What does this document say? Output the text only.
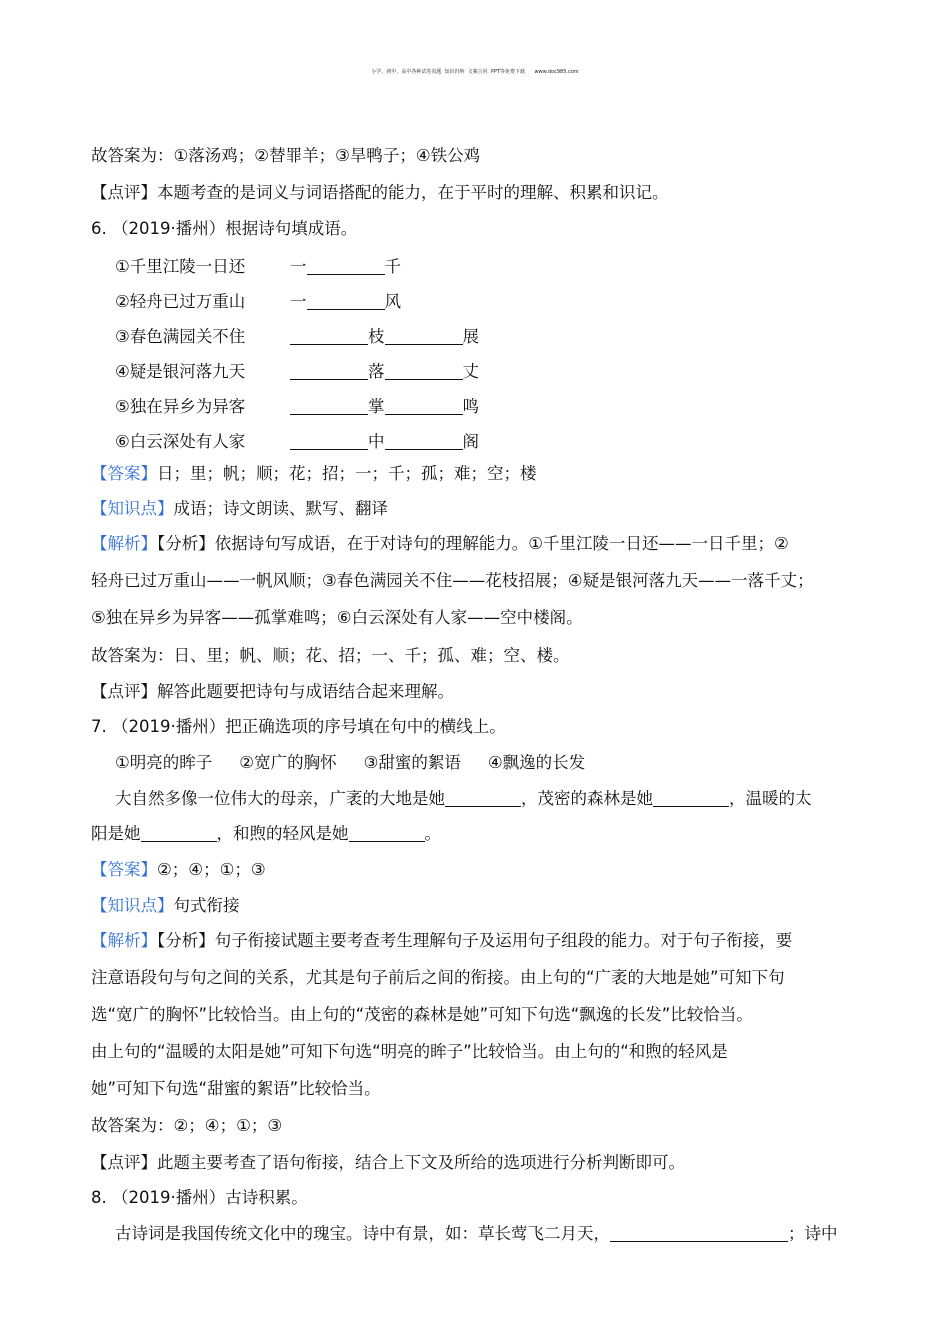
小学、初中、高中各种试卷真题  知识归纳  文案合同  PPT等免费下载      www.doc985.com
故答案为：①落汤鸡；②替罪羊；③旱鸭子；④铁公鸡
【点评】本题考查的是词义与词语搭配的能力，在于平时的理解、积累和识记。
6. （2019·播州）根据诗句填成语。
①千里江陵一日还	一	千
②轻舟已过万重山	一	风
③春色满园关不住	枝	展
④疑是银河落九天	落	丈
⑤独在异乡为异客	掌	鸣
⑥白云深处有人家	中	阁
【答案】日；里；帆；顺；花；招；一；千；孤；难；空；楼
【知识点】成语；诗文朗读、默写、翻译
【解析】【分析】依据诗句写成语，在于对诗句的理解能力。①千里江陵一日还——一日千里；②
轻舟已过万重山——一帆风顺；③春色满园关不住——花枝招展；④疑是银河落九天——一落千丈；
⑤独在异乡为异客——孤掌难鸣；⑥白云深处有人家——空中楼阁。
故答案为：日、里；帆、顺；花、招；一、千；孤、难；空、楼。
【点评】解答此题要把诗句与成语结合起来理解。
7. （2019·播州）把正确选项的序号填在句中的横线上。
①明亮的眸子 ②宽广的胸怀 ③甜蜜的絮语 ④飘逸的长发
大自然多像一位伟大的母亲，广袤的大地是她	，茂密的森林是她	，温暖的太
阳是她	，和煦的轻风是她	。
【答案】②；④；①；③
【知识点】句式衔接
【解析】【分析】句子衔接试题主要考查考生理解句子及运用句子组段的能力。对于句子衔接，要
注意语段句与句之间的关系，尤其是句子前后之间的衔接。由上句的“广袤的大地是她”可知下句
选“宽广的胸怀”比较恰当。由上句的“茂密的森林是她”可知下句选“飘逸的长发”比较恰当。
由上句的“温暖的太阳是她”可知下句选“明亮的眸子”比较恰当。由上句的“和煦的轻风是
她”可知下句选“甜蜜的絮语”比较恰当。
故答案为：②；④；①；③
【点评】此题主要考查了语句衔接，结合上下文及所给的选项进行分析判断即可。
8. （2019·播州）古诗积累。
古诗词是我国传统文化中的瑰宝。诗中有景，如：草长莺飞二月天，	；诗中
